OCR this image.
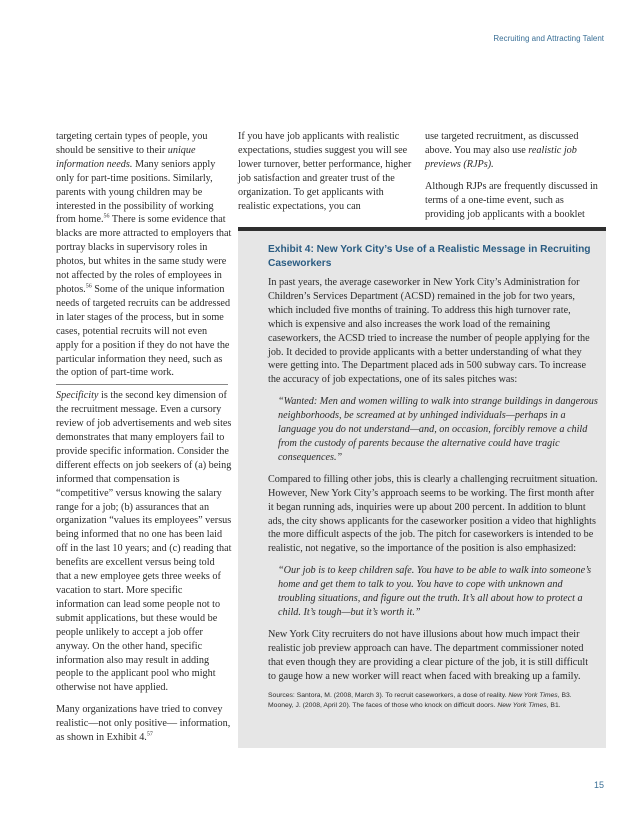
Recruiting and Attracting Talent

targeting certain types of people, you should be sensitive to their unique information needs. Many seniors apply only for part-time positions. Similarly, parents with young children may be interested in the possibility of working from home.$^{56}$ There is some evidence that blacks are more attracted to employers that portray blacks in supervisory roles in photos, but whites in the same study were not affected by the roles of employees in photos.$^{56}$ Some of the unique information needs of targeted recruits can be addressed in later stages of the process, but in some cases, potential recruits will not even apply for a position if they do not have the particular information they need, such as the option of part-time work.

Specificity is the second key dimension of the recruitment message. Even a cursory review of job advertisements and web sites demonstrates that many employers fail to provide specific information. Consider the different effects on job seekers of (a) being informed that compensation is “competitive” versus knowing the salary range for a job; (b) assurances that an organization “values its employees” versus being informed that no one has been laid off in the last 10 years; and (c) reading that benefits are excellent versus being told that a new employee gets three weeks of vacation to start. More specific information can lead some people not to submit applications, but these would be people unlikely to accept a job offer anyway. On the other hand, specific information also may result in adding people to the applicant pool who might otherwise not have applied.

Many organizations have tried to convey realistic—not only positive— information, as shown in Exhibit 4.57

If you have job applicants with realistic expectations, studies suggest you will see lower turnover, better performance, higher job satisfaction and greater trust of the organization. To get applicants with realistic expectations, you can

use targeted recruitment, as discussed above. You may also use realistic job previews (RJPs).

Although RJPs are frequently discussed in terms of a one-time event, such as providing job applicants with a booklet

Exhibit 4: New York City’s Use of a Realistic Message in Recruiting Caseworkers

In past years, the average caseworker in New York City’s Administration for Children’s Services Department (ACSD) remained in the job for two years, which included five months of training. To address this high turnover rate, which is expensive and also increases the work load of the remaining caseworkers, the ACSD tried to increase the number of people applying for the job. It decided to provide applicants with a better understanding of what they were getting into. The Department placed ads in 500 subway cars. To increase the accuracy of job expectations, one of its sales pitches was:

“Wanted: Men and women willing to walk into strange buildings in dangerous neighborhoods, be screamed at by unhinged individuals—perhaps in a language you do not understand—and, on occasion, forcibly remove a child from the custody of parents because the alternative could have tragic consequences.”

Compared to filling other jobs, this is clearly a challenging recruitment situation. However, New York City’s approach seems to be working. The first month after it began running ads, inquiries were up about 200 percent. In addition to blunt ads, the city shows applicants for the caseworker position a video that highlights the more difficult aspects of the job. The pitch for caseworkers is intended to be realistic, not negative, so the importance of the position is also emphasized:

“Our job is to keep children safe. You have to be able to walk into someone’s home and get them to talk to you. You have to cope with unknown and troubling situations, and figure out the truth. It’s all about how to protect a child. It’s tough—but it’s worth it.”

New York City recruiters do not have illusions about how much impact their realistic job preview approach can have. The department commissioner noted that even though they are providing a clear picture of the job, it is still difficult to gauge how a new worker will react when faced with breaking up a family.

Sources: Santora, M. (2008, March 3). To recruit caseworkers, a dose of reality. New York Times, B3.
Mooney, J. (2008, April 20). The faces of those who knock on difficult doors. New York Times, B1.
15
